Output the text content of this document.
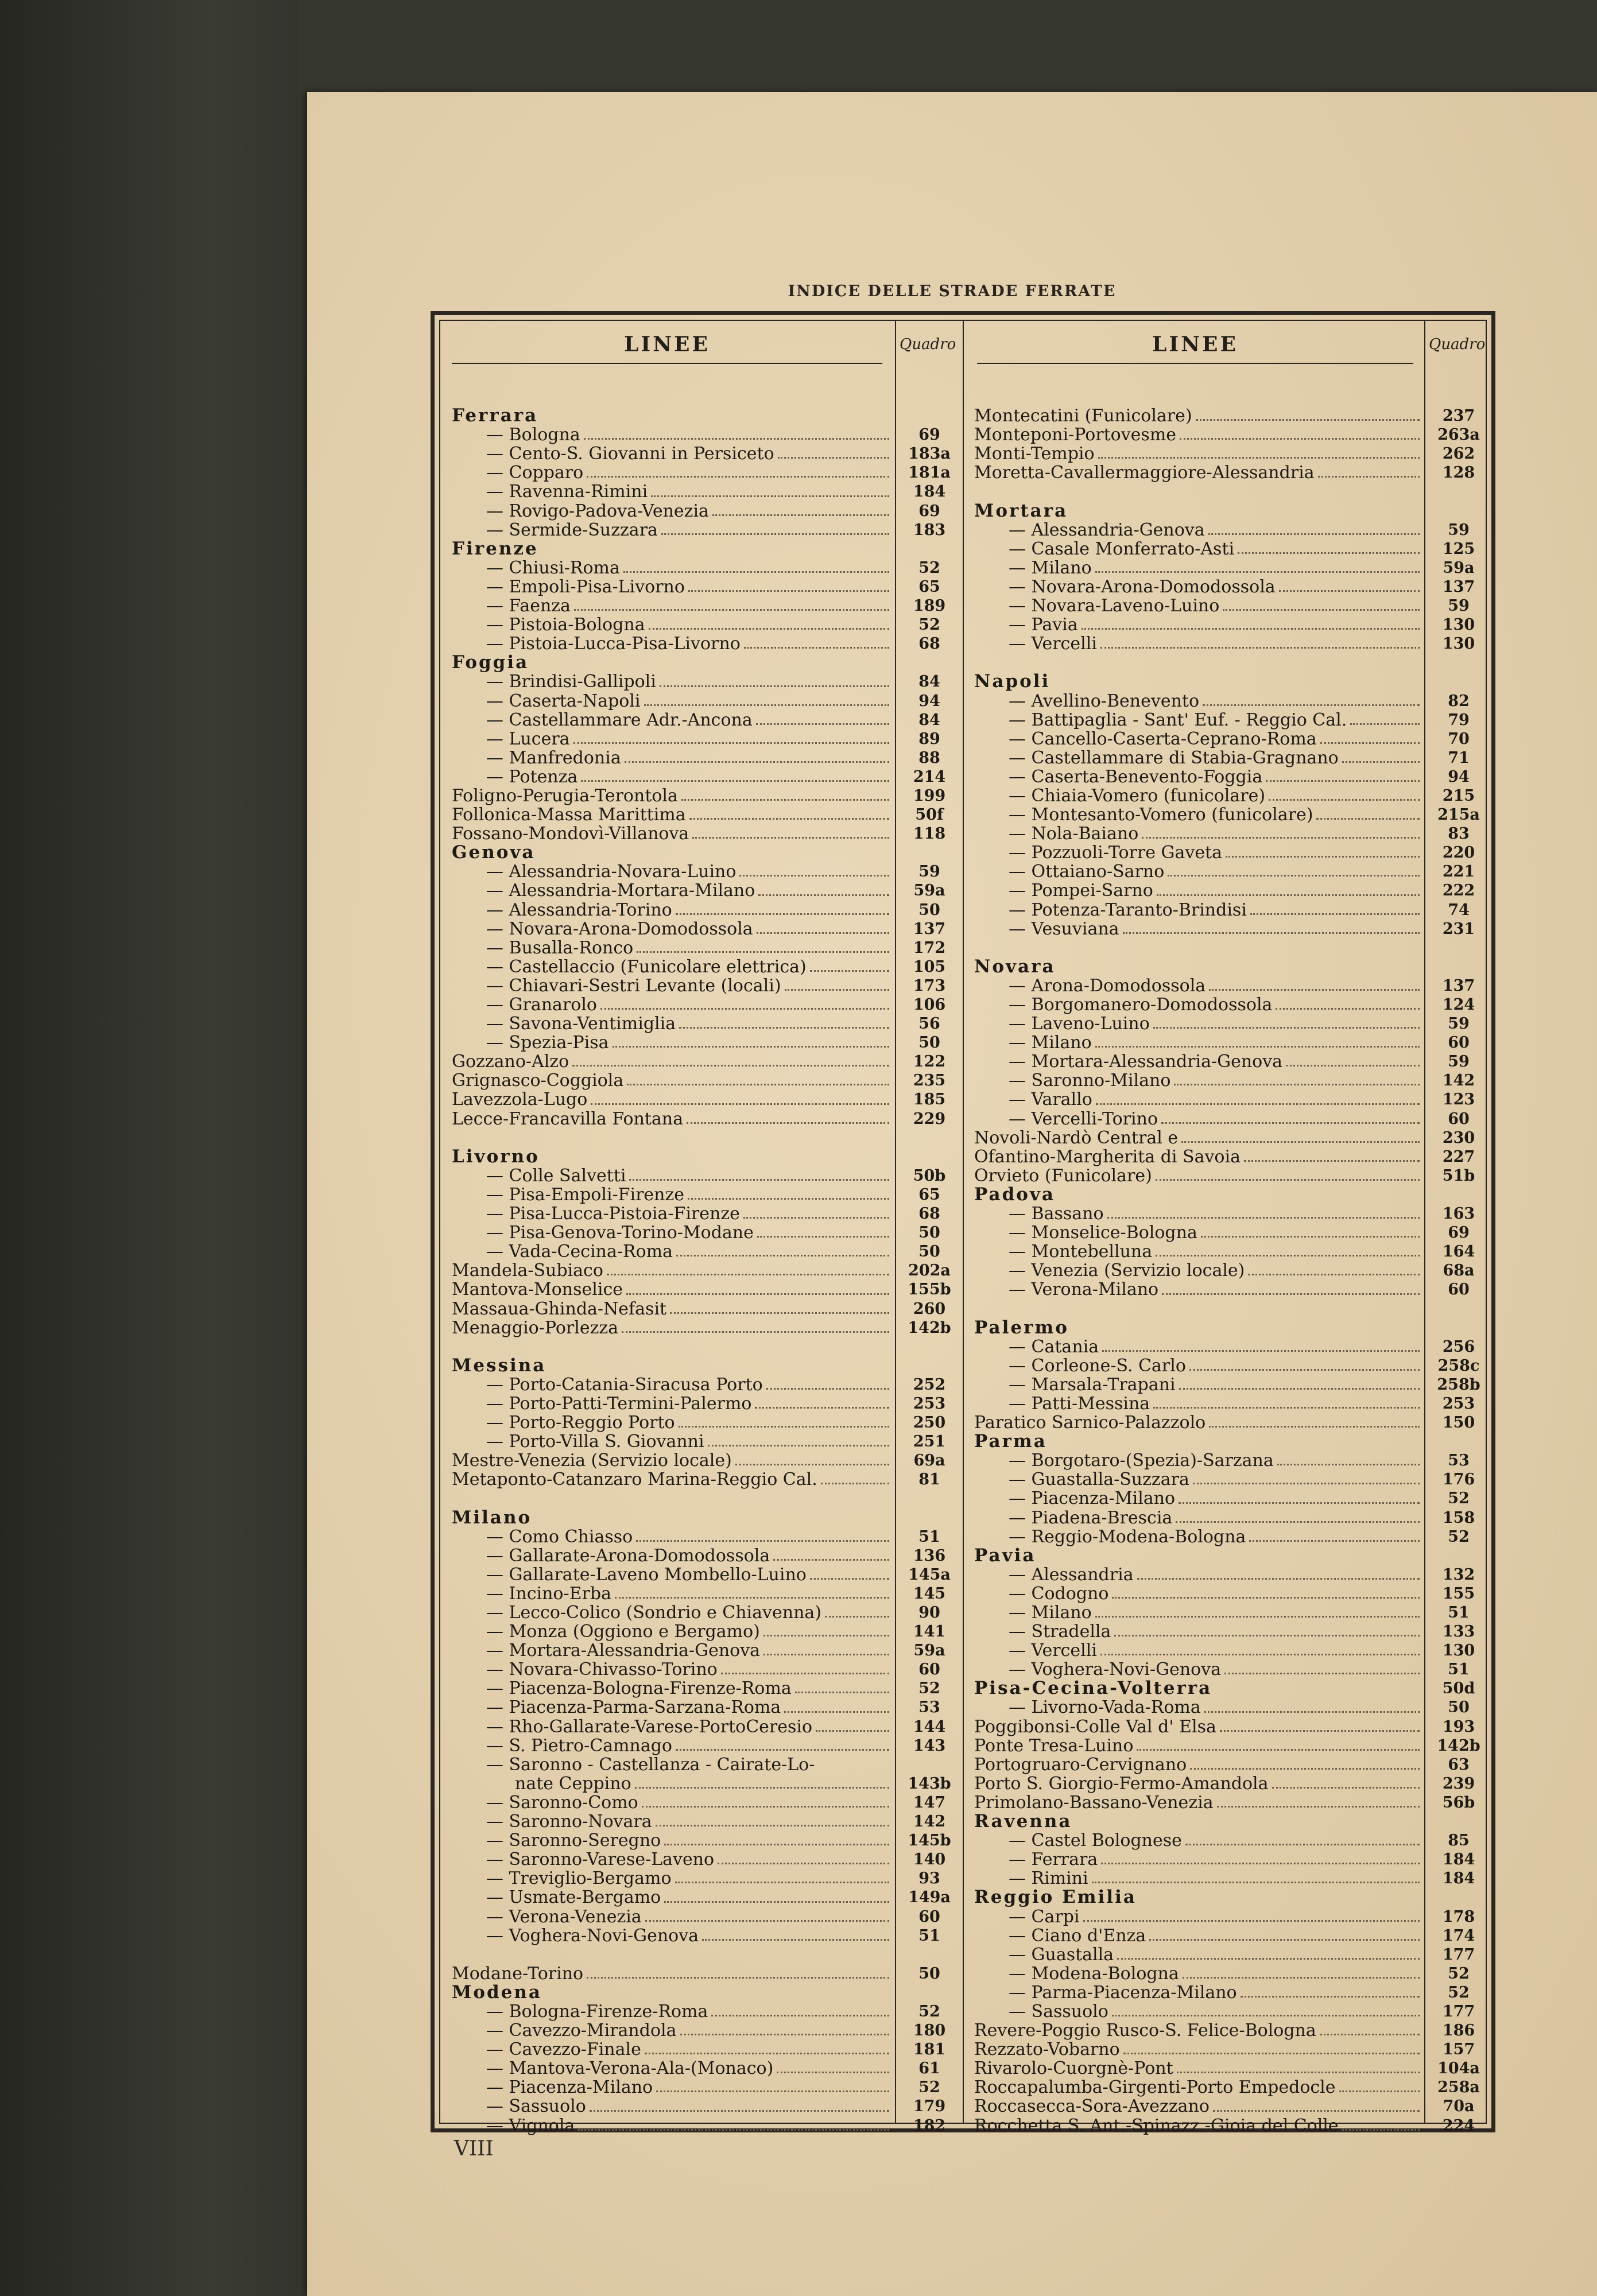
INDICE DELLE STRADE FERRATE
LINEE	Quadro	LINEE	Quadro
Ferrara
— Bologna	69
— Cento-S. Giovanni in Persiceto	183a
— Copparo	181a
— Ravenna-Rimini	184
— Rovigo-Padova-Venezia	69
— Sermide-Suzzara	183
Firenze
— Chiusi-Roma	52
— Empoli-Pisa-Livorno	65
— Faenza	189
— Pistoia-Bologna	52
— Pistoia-Lucca-Pisa-Livorno	68
Foggia
— Brindisi-Gallipoli	84
— Caserta-Napoli	94
— Castellammare Adr.-Ancona	84
— Lucera	89
— Manfredonia	88
— Potenza	214
Foligno-Perugia-Terontola	199
Follonica-Massa Marittima	50f
Fossano-Mondovì-Villanova	118
Genova
— Alessandria-Novara-Luino	59
— Alessandria-Mortara-Milano	59a
— Alessandria-Torino	50
— Novara-Arona-Domodossola	137
— Busalla-Ronco	172
— Castellaccio (Funicolare elettrica)	105
— Chiavari-Sestri Levante (locali)	173
— Granarolo	106
— Savona-Ventimiglia	56
— Spezia-Pisa	50
Gozzano-Alzo	122
Grignasco-Coggiola	235
Lavezzola-Lugo	185
Lecce-Francavilla Fontana	229
Livorno
— Colle Salvetti	50b
— Pisa-Empoli-Firenze	65
— Pisa-Lucca-Pistoia-Firenze	68
— Pisa-Genova-Torino-Modane	50
— Vada-Cecina-Roma	50
Mandela-Subiaco	202a
Mantova-Monselice	155b
Massaua-Ghinda-Nefasit	260
Menaggio-Porlezza	142b
Messina
— Porto-Catania-Siracusa Porto	252
— Porto-Patti-Termini-Palermo	253
— Porto-Reggio Porto	250
— Porto-Villa S. Giovanni	251
Mestre-Venezia (Servizio locale)	69a
Metaponto-Catanzaro Marina-Reggio Cal.	81
Milano
— Como Chiasso	51
— Gallarate-Arona-Domodossola	136
— Gallarate-Laveno Mombello-Luino	145a
— Incino-Erba	145
— Lecco-Colico (Sondrio e Chiavenna)	90
— Monza (Oggiono e Bergamo)	141
— Mortara-Alessandria-Genova	59a
— Novara-Chivasso-Torino	60
— Piacenza-Bologna-Firenze-Roma	52
— Piacenza-Parma-Sarzana-Roma	53
— Rho-Gallarate-Varese-PortoCeresio	144
— S. Pietro-Camnago	143
— Saronno - Castellanza - Cairate-Lo-
nate Ceppino	143b
— Saronno-Como	147
— Saronno-Novara	142
— Saronno-Seregno	145b
— Saronno-Varese-Laveno	140
— Treviglio-Bergamo	93
— Usmate-Bergamo	149a
— Verona-Venezia	60
— Voghera-Novi-Genova	51
Modane-Torino	50
Modena
— Bologna-Firenze-Roma	52
— Cavezzo-Mirandola	180
— Cavezzo-Finale	181
— Mantova-Verona-Ala-(Monaco)	61
— Piacenza-Milano	52
— Sassuolo	179
— Vignola	182
Montecatini (Funicolare)	237
Monteponi-Portovesme	263a
Monti-Tempio	262
Moretta-Cavallermaggiore-Alessandria	128
Mortara
— Alessandria-Genova	59
— Casale Monferrato-Asti	125
— Milano	59a
— Novara-Arona-Domodossola	137
— Novara-Laveno-Luino	59
— Pavia	130
— Vercelli	130
Napoli
— Avellino-Benevento	82
— Battipaglia - Sant' Euf. - Reggio Cal.	79
— Cancello-Caserta-Ceprano-Roma	70
— Castellammare di Stabia-Gragnano	71
— Caserta-Benevento-Foggia	94
— Chiaia-Vomero (funicolare)	215
— Montesanto-Vomero (funicolare)	215a
— Nola-Baiano	83
— Pozzuoli-Torre Gaveta	220
— Ottaiano-Sarno	221
— Pompei-Sarno	222
— Potenza-Taranto-Brindisi	74
— Vesuviana	231
Novara
— Arona-Domodossola	137
— Borgomanero-Domodossola	124
— Laveno-Luino	59
— Milano	60
— Mortara-Alessandria-Genova	59
— Saronno-Milano	142
— Varallo	123
— Vercelli-Torino	60
Novoli-Nardò Central e	230
Ofantino-Margherita di Savoia	227
Orvieto (Funicolare)	51b
Padova
— Bassano	163
— Monselice-Bologna	69
— Montebelluna	164
— Venezia (Servizio locale)	68a
— Verona-Milano	60
Palermo
— Catania	256
— Corleone-S. Carlo	258c
— Marsala-Trapani	258b
— Patti-Messina	253
Paratico Sarnico-Palazzolo	150
Parma
— Borgotaro-(Spezia)-Sarzana	53
— Guastalla-Suzzara	176
— Piacenza-Milano	52
— Piadena-Brescia	158
— Reggio-Modena-Bologna	52
Pavia
— Alessandria	132
— Codogno	155
— Milano	51
— Stradella	133
— Vercelli	130
— Voghera-Novi-Genova	51
Pisa-Cecina-Volterra	50d
— Livorno-Vada-Roma	50
Poggibonsi-Colle Val d' Elsa	193
Ponte Tresa-Luino	142b
Portogruaro-Cervignano	63
Porto S. Giorgio-Fermo-Amandola	239
Primolano-Bassano-Venezia	56b
Ravenna
— Castel Bolognese	85
— Ferrara	184
— Rimini	184
Reggio Emilia
— Carpi	178
— Ciano d'Enza	174
— Guastalla	177
— Modena-Bologna	52
— Parma-Piacenza-Milano	52
— Sassuolo	177
Revere-Poggio Rusco-S. Felice-Bologna	186
Rezzato-Vobarno	157
Rivarolo-Cuorgnè-Pont	104a
Roccapalumba-Girgenti-Porto Empedocle	258a
Roccasecca-Sora-Avezzano	70a
Rocchetta S. Ant.-Spinazz.-Gioia del Colle	224
VIII
